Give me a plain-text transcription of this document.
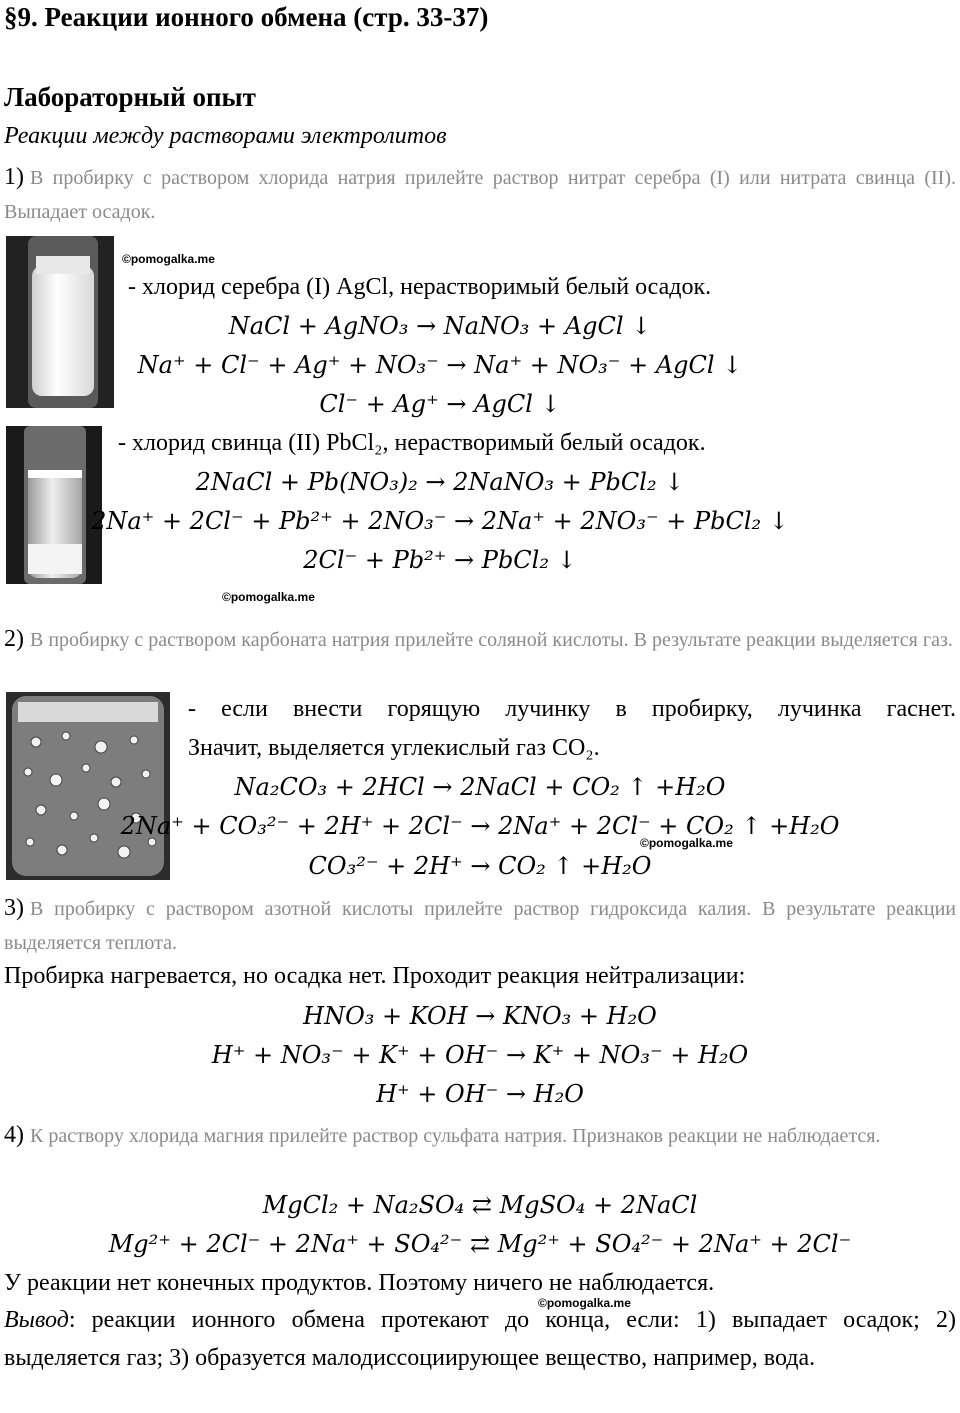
§9. Реакции ионного обмена (стр. 33-37)
Лабораторный опыт
Реакции между растворами электролитов
1) В пробирку с раствором хлорида натрия прилейте раствор нитрат серебра (I) или нитрата свинца (II). Выпадает осадок.
©pomogalka.me
- хлорид серебра (I) AgCl, нерастворимый белый осадок.
NaCl + AgNO₃ → NaNO₃ + AgCl ↓
Na⁺ + Cl⁻ + Ag⁺ + NO₃⁻ → Na⁺ + NO₃⁻ + AgCl ↓
Cl⁻ + Ag⁺ → AgCl ↓
- хлорид свинца (II) PbCl₂, нерастворимый белый осадок.
2NaCl + Pb(NO₃)₂ → 2NaNO₃ + PbCl₂ ↓
2Na⁺ + 2Cl⁻ + Pb²⁺ + 2NO₃⁻ → 2Na⁺ + 2NO₃⁻ + PbCl₂ ↓
2Cl⁻ + Pb²⁺ → PbCl₂ ↓
©pomogalka.me
2) В пробирку с раствором карбоната натрия прилейте соляной кислоты. В результате реакции выделяется газ.
- если внести горящую лучинку в пробирку, лучинка гаснет.
Значит, выделяется углекислый газ CO₂.
Na₂CO₃ + 2HCl → 2NaCl + CO₂ ↑ +H₂O
2Na⁺ + CO₃²⁻ + 2H⁺ + 2Cl⁻ → 2Na⁺ + 2Cl⁻ + CO₂ ↑ +H₂O
©pomogalka.me
CO₃²⁻ + 2H⁺ → CO₂ ↑ +H₂O
3) В пробирку с раствором азотной кислоты прилейте раствор гидроксида калия. В результате реакции выделяется теплота.
Пробирка нагревается, но осадка нет. Проходит реакция нейтрализации:
HNO₃ + KOH → KNO₃ + H₂O
H⁺ + NO₃⁻ + K⁺ + OH⁻ → K⁺ + NO₃⁻ + H₂O
H⁺ + OH⁻ → H₂O
4) К раствору хлорида магния прилейте раствор сульфата натрия. Признаков реакции не наблюдается.
MgCl₂ + Na₂SO₄ ⇄ MgSO₄ + 2NaCl
Mg²⁺ + 2Cl⁻ + 2Na⁺ + SO₄²⁻ ⇄ Mg²⁺ + SO₄²⁻ + 2Na⁺ + 2Cl⁻
У реакции нет конечных продуктов. Поэтому ничего не наблюдается.
©pomogalka.me
Вывод: реакции ионного обмена протекают до конца, если: 1) выпадает осадок; 2) выделяется газ; 3) образуется малодиссоциирующее вещество, например, вода.
